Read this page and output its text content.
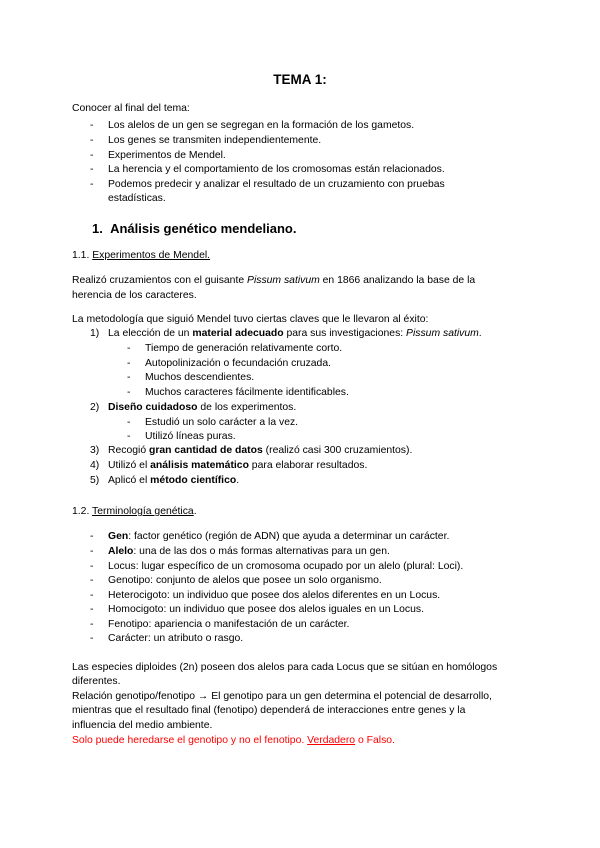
TEMA 1:
Conocer al final del tema:
- Los alelos de un gen se segregan en la formación de los gametos.
- Los genes se transmiten independientemente.
- Experimentos de Mendel.
- La herencia y el comportamiento de los cromosomas están relacionados.
- Podemos predecir y analizar el resultado de un cruzamiento con pruebas
estadísticas.
1. Análisis genético mendeliano.
1.1. Experimentos de Mendel.
Realizó cruzamientos con el guisante Pissum sativum en 1866 analizando la base de la
herencia de los caracteres.
La metodología que siguió Mendel tuvo ciertas claves que le llevaron al éxito:
1) La elección de un material adecuado para sus investigaciones: Pissum sativum.
- Tiempo de generación relativamente corto.
- Autopolinización o fecundación cruzada.
- Muchos descendientes.
- Muchos caracteres fácilmente identificables.
2) Diseño cuidadoso de los experimentos.
- Estudió un solo carácter a la vez.
- Utilizó líneas puras.
3) Recogió gran cantidad de datos (realizó casi 300 cruzamientos).
4) Utilizó el análisis matemático para elaborar resultados.
5) Aplicó el método científico.
1.2. Terminología genética.
- Gen: factor genético (región de ADN) que ayuda a determinar un carácter.
- Alelo: una de las dos o más formas alternativas para un gen.
- Locus: lugar específico de un cromosoma ocupado por un alelo (plural: Loci).
- Genotipo: conjunto de alelos que posee un solo organismo.
- Heterocigoto: un individuo que posee dos alelos diferentes en un Locus.
- Homocigoto: un individuo que posee dos alelos iguales en un Locus.
- Fenotipo: apariencia o manifestación de un carácter.
- Carácter: un atributo o rasgo.
Las especies diploides (2n) poseen dos alelos para cada Locus que se sitúan en homólogos
diferentes.
Relación genotipo/fenotipo → El genotipo para un gen determina el potencial de desarrollo,
mientras que el resultado final (fenotipo) dependerá de interacciones entre genes y la
influencia del medio ambiente.
Solo puede heredarse el genotipo y no el fenotipo. Verdadero o Falso.
